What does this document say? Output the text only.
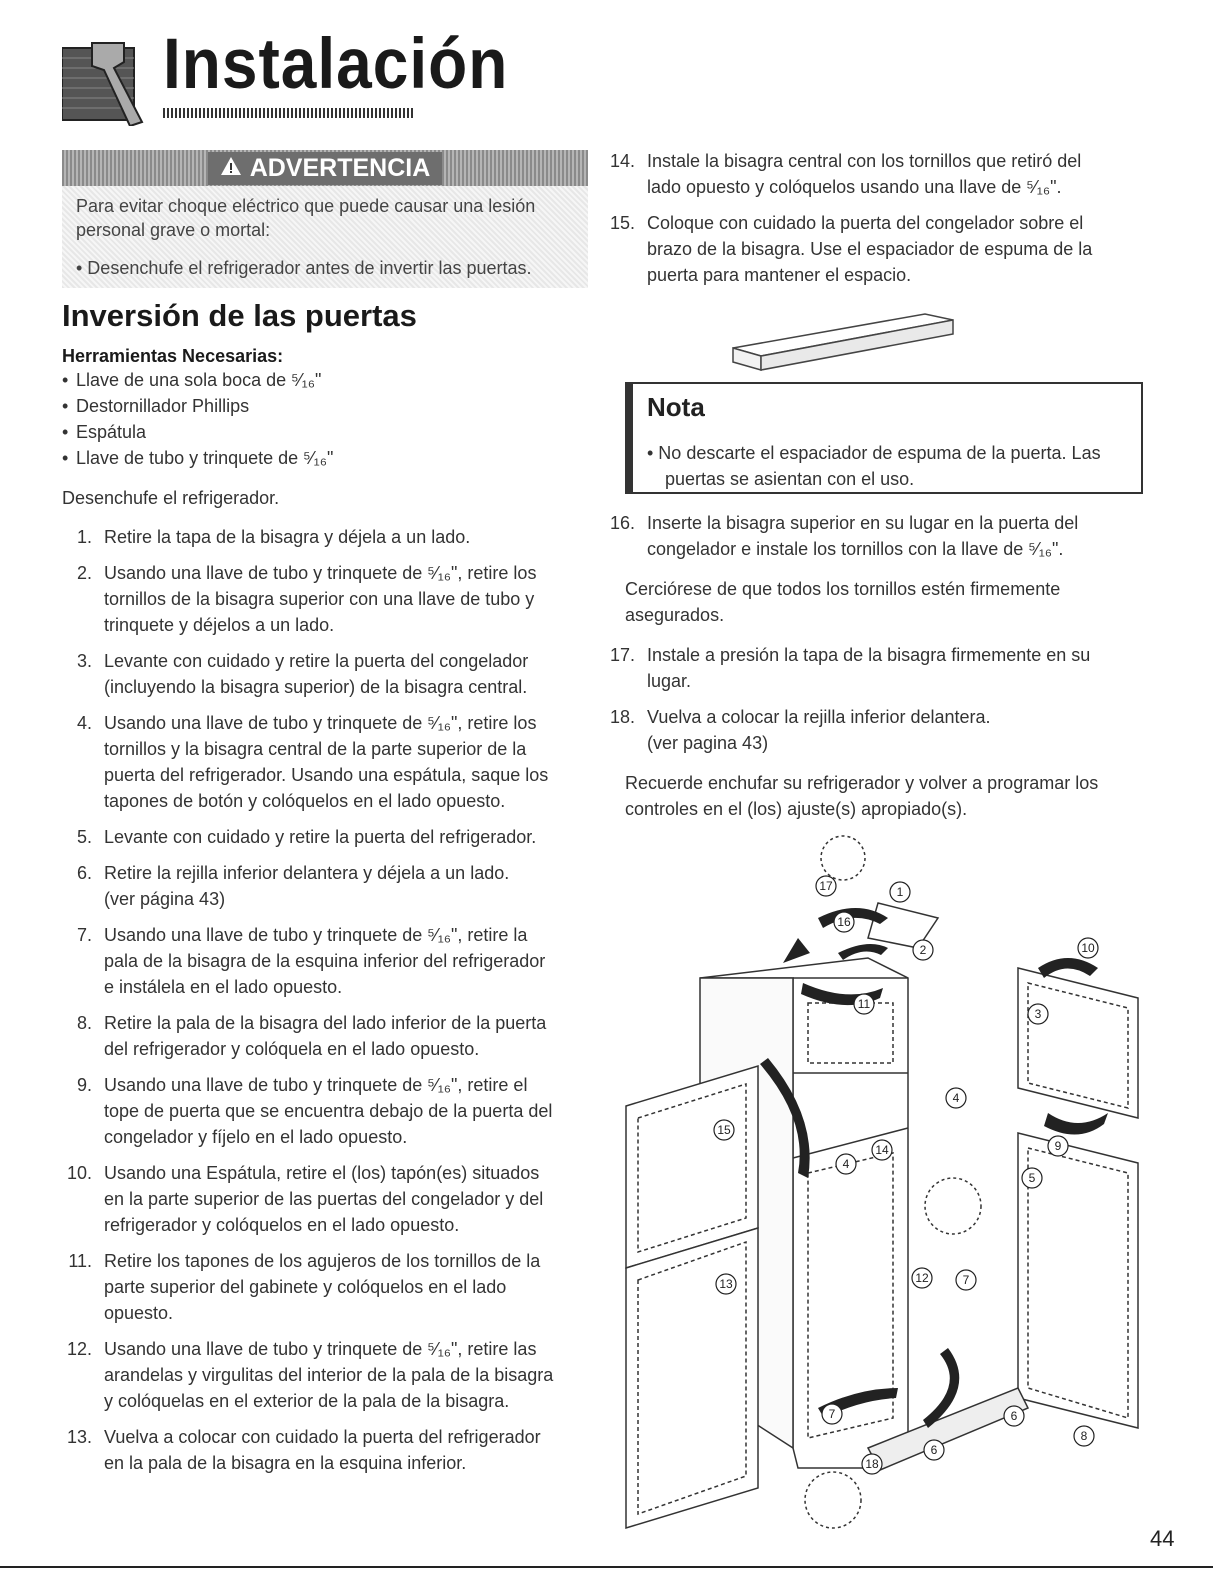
Instalación
ADVERTENCIA
Para evitar choque eléctrico que puede causar una lesión personal grave o mortal:
• Desenchufe el refrigerador antes de invertir las puertas.
Inversión de las puertas
Herramientas Necesarias:
• Llave de una sola boca de ⁵⁄₁₆"
• Destornillador Phillips
• Espátula
• Llave de tubo y trinquete de ⁵⁄₁₆"
Desenchufe el refrigerador.
1. Retire la tapa de la bisagra y déjela a un lado.
2. Usando una llave de tubo y trinquete de ⁵⁄₁₆", retire los
tornillos de la bisagra superior con una llave de tubo y
trinquete y déjelos a un lado.
3. Levante con cuidado y retire la puerta del congelador
(incluyendo la bisagra superior) de la bisagra central.
4. Usando una llave de tubo y trinquete de ⁵⁄₁₆", retire los
tornillos y la bisagra central de la parte superior de la
puerta del refrigerador. Usando una espátula, saque los
tapones de botón y colóquelos en el lado opuesto.
5. Levante con cuidado y retire la puerta del refrigerador.
6. Retire la rejilla inferior delantera y déjela a un lado.
(ver página 43)
7. Usando una llave de tubo y trinquete de ⁵⁄₁₆", retire la
pala de la bisagra de la esquina inferior del refrigerador
e instálela en el lado opuesto.
8. Retire la pala de la bisagra del lado inferior de la puerta
del refrigerador y colóquela en el lado opuesto.
9. Usando una llave de tubo y trinquete de ⁵⁄₁₆", retire el
tope de puerta que se encuentra debajo de la puerta del
congelador y fíjelo en el lado opuesto.
10. Usando una Espátula, retire el (los) tapón(es) situados
en la parte superior de las puertas del congelador y del
refrigerador y colóquelos en el lado opuesto.
11. Retire los tapones de los agujeros de los tornillos de la
parte superior del gabinete y colóquelos en el lado
opuesto.
12. Usando una llave de tubo y trinquete de ⁵⁄₁₆", retire las
arandelas y virgulitas del interior de la pala de la bisagra
y colóquelas en el exterior de la pala de la bisagra.
13. Vuelva a colocar con cuidado la puerta del refrigerador
en la pala de la bisagra en la esquina inferior.
14. Instale la bisagra central con los tornillos que retiró del
lado opuesto y colóquelos usando una llave de ⁵⁄₁₆".
15. Coloque con cuidado la puerta del congelador sobre el
brazo de la bisagra. Use el espaciador de espuma de la
puerta para mantener el espacio.
Nota
• No descarte el espaciador de espuma de la puerta. Las
puertas se asientan con el uso.
16. Inserte la bisagra superior en su lugar en la puerta del
congelador e instale los tornillos con la llave de ⁵⁄₁₆".
Cerciórese de que todos los tornillos estén firmemente
asegurados.
17. Instale a presión la tapa de la bisagra firmemente en su
lugar.
18. Vuelva a colocar la rejilla inferior delantera.
(ver pagina 43)
Recuerde enchufar su refrigerador y volver a programar los
controles en el (los) ajuste(s) apropiado(s).
1
2
3
4
4
5
6
6
7
7
8
9
10
11
12
13
14
15
16
17
18
44
